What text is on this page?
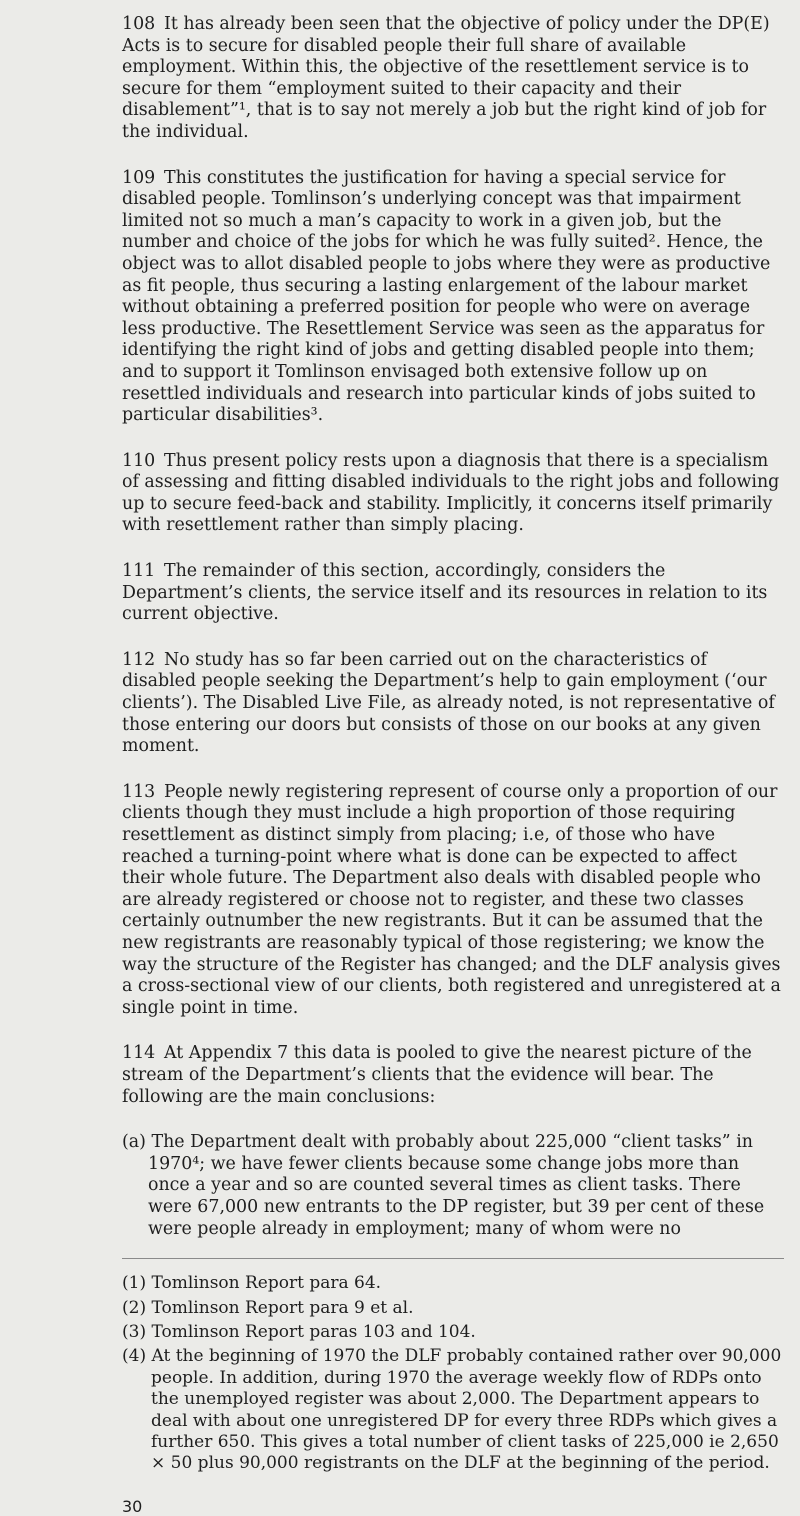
108 It has already been seen that the objective of policy under the DP(E) Acts is to secure for disabled people their full share of available employment. Within this, the objective of the resettlement service is to secure for them “employment suited to their capacity and their disablement”¹, that is to say not merely a job but the right kind of job for the individual.
109 This constitutes the justification for having a special service for disabled people. Tomlinson’s underlying concept was that impairment limited not so much a man’s capacity to work in a given job, but the number and choice of the jobs for which he was fully suited². Hence, the object was to allot disabled people to jobs where they were as productive as fit people, thus securing a lasting enlargement of the labour market without obtaining a preferred position for people who were on average less productive. The Resettlement Service was seen as the apparatus for identifying the right kind of jobs and getting disabled people into them; and to support it Tomlinson envisaged both extensive follow up on resettled individuals and research into particular kinds of jobs suited to particular disabilities³.
110 Thus present policy rests upon a diagnosis that there is a specialism of assessing and fitting disabled individuals to the right jobs and following up to secure feed-back and stability. Implicitly, it concerns itself primarily with resettlement rather than simply placing.
111 The remainder of this section, accordingly, considers the Department’s clients, the service itself and its resources in relation to its current objective.
112 No study has so far been carried out on the characteristics of disabled people seeking the Department’s help to gain employment (‘our clients’). The Disabled Live File, as already noted, is not representative of those entering our doors but consists of those on our books at any given moment.
113 People newly registering represent of course only a proportion of our clients though they must include a high proportion of those requiring resettlement as distinct simply from placing; i.e, of those who have reached a turning-point where what is done can be expected to affect their whole future. The Department also deals with disabled people who are already registered or choose not to register, and these two classes certainly outnumber the new registrants. But it can be assumed that the new registrants are reasonably typical of those registering; we know the way the structure of the Register has changed; and the DLF analysis gives a cross-sectional view of our clients, both registered and unregistered at a single point in time.
114 At Appendix 7 this data is pooled to give the nearest picture of the stream of the Department’s clients that the evidence will bear. The following are the main conclusions:
(a) The Department dealt with probably about 225,000 “client tasks” in 1970⁴; we have fewer clients because some change jobs more than once a year and so are counted several times as client tasks. There were 67,000 new entrants to the DP register, but 39 per cent of these were people already in employment; many of whom were no
(1) Tomlinson Report para 64.
(2) Tomlinson Report para 9 et al.
(3) Tomlinson Report paras 103 and 104.
(4) At the beginning of 1970 the DLF probably contained rather over 90,000 people. In addition, during 1970 the average weekly flow of RDPs onto the unemployed register was about 2,000. The Department appears to deal with about one unregistered DP for every three RDPs which gives a further 650. This gives a total number of client tasks of 225,000 ie 2,650 × 50 plus 90,000 registrants on the DLF at the beginning of the period.
30
